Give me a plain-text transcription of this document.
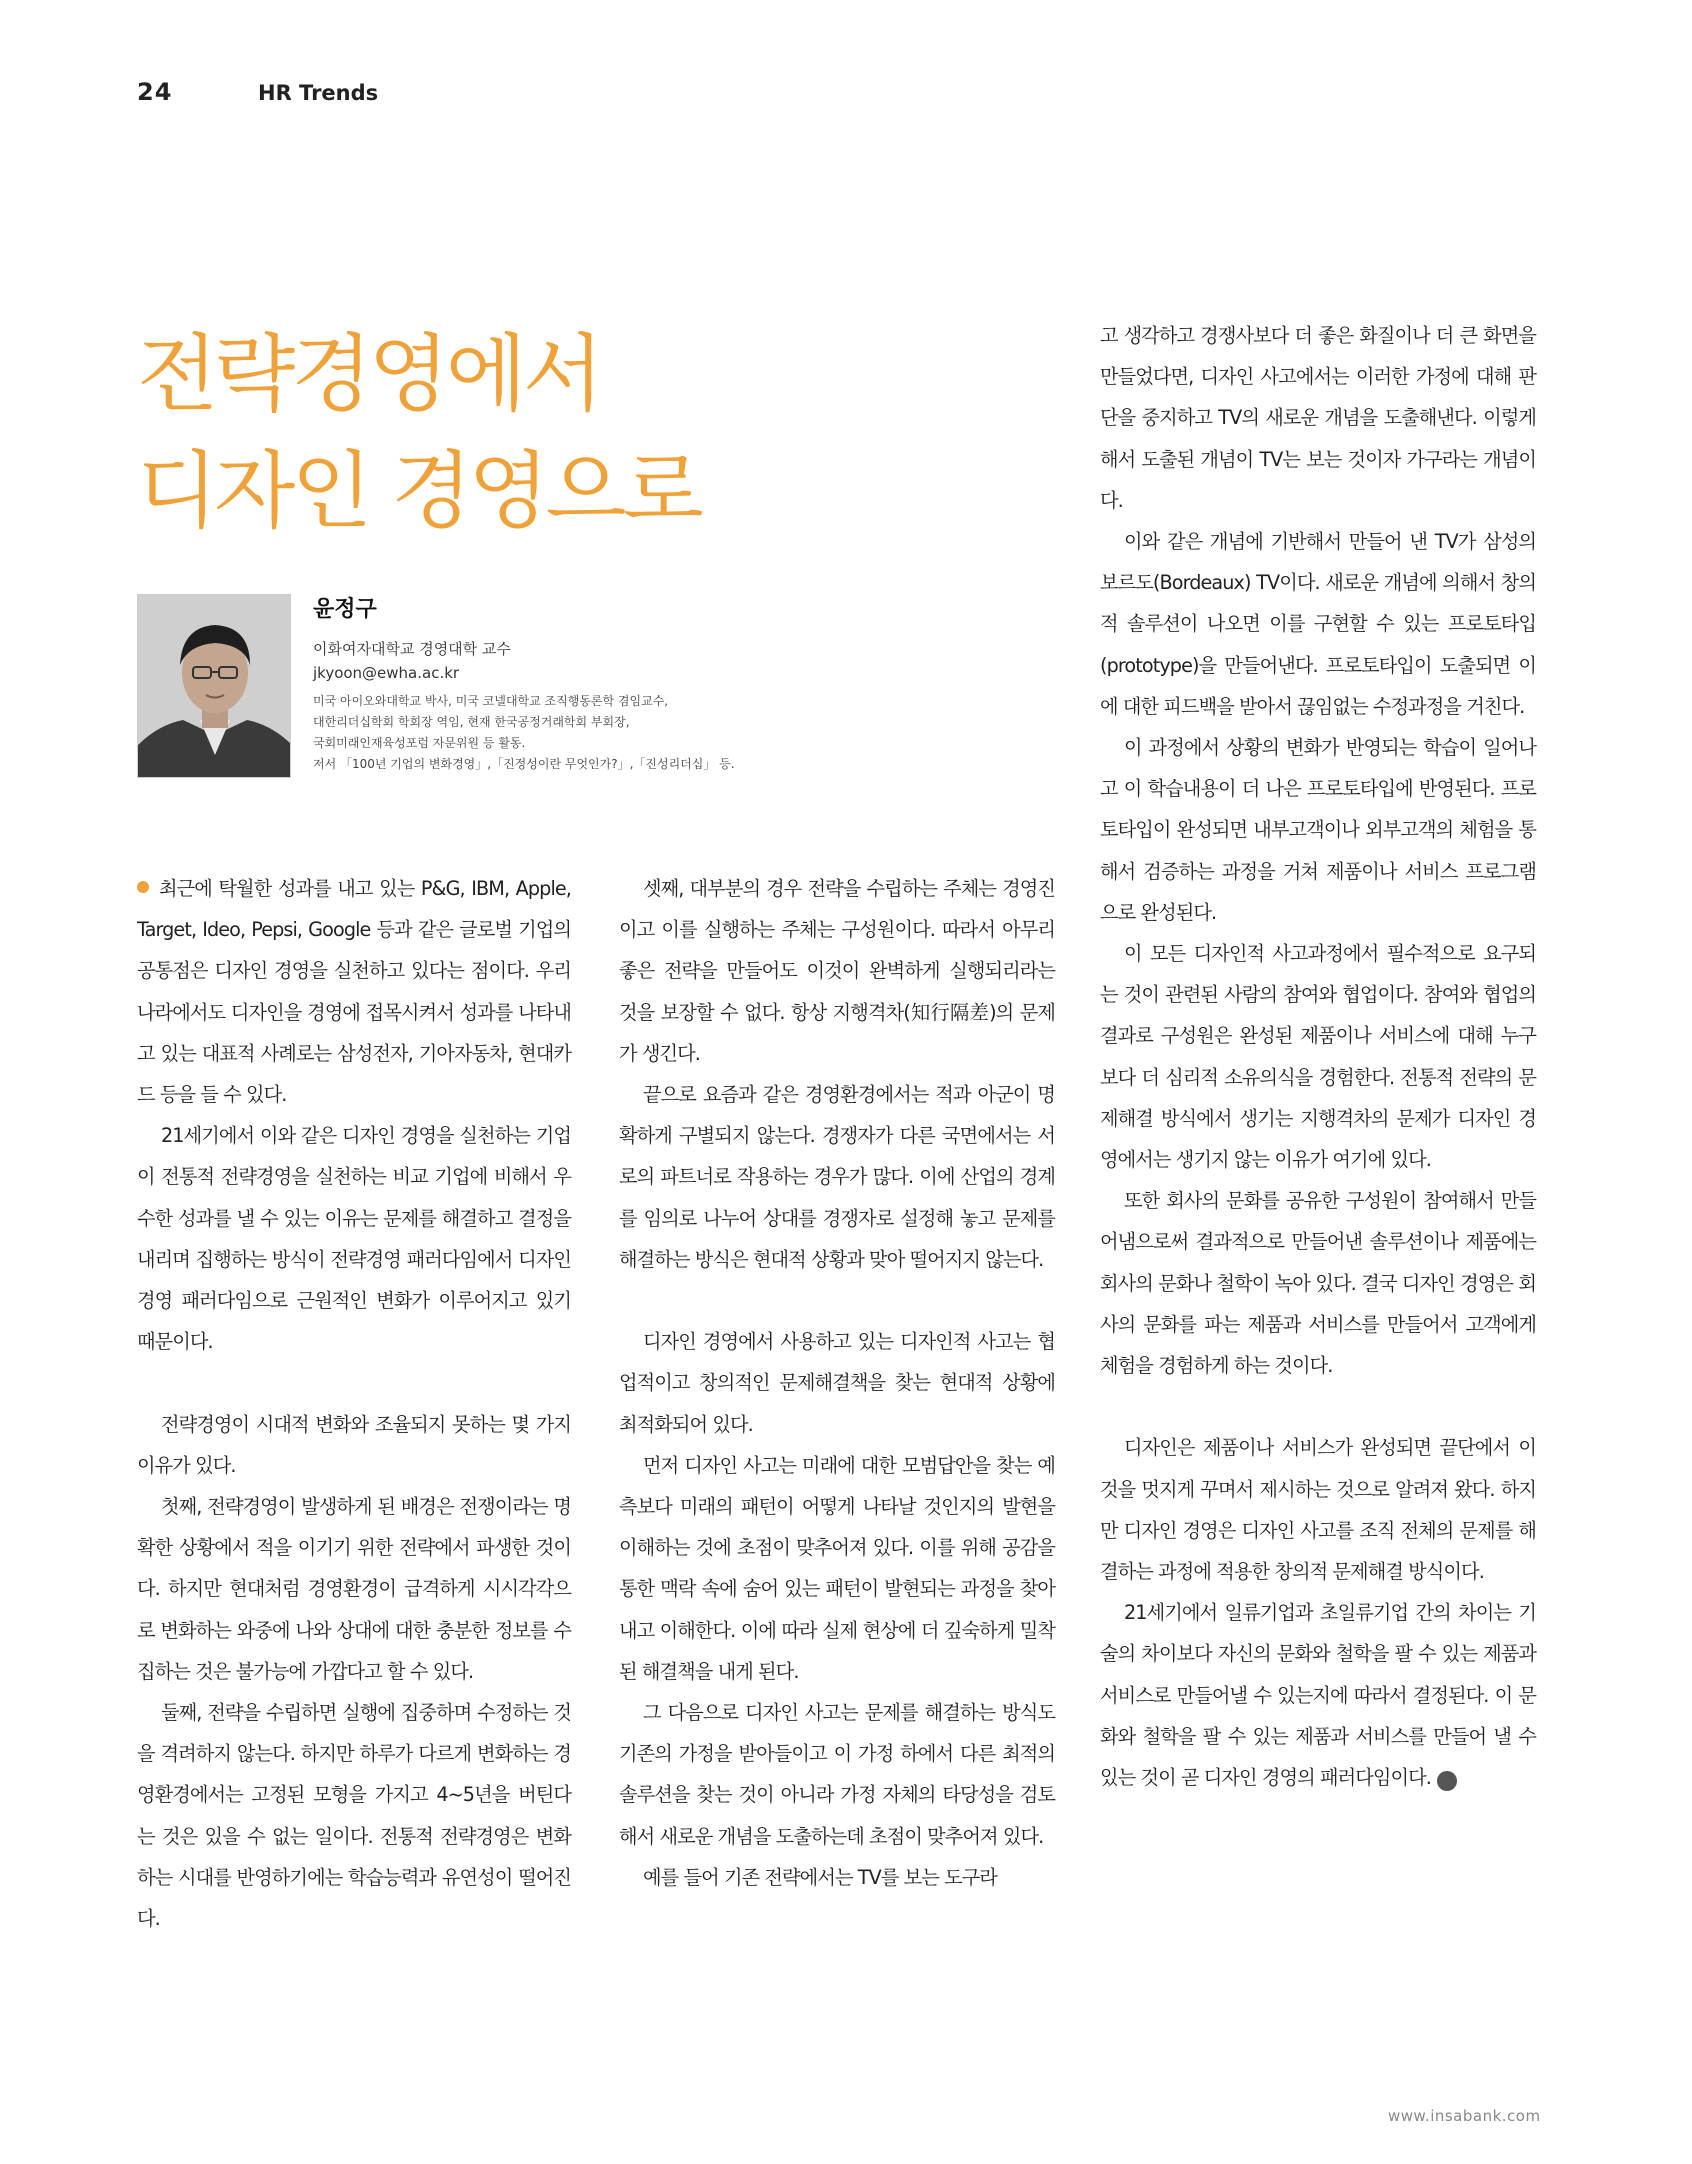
24	HR Trends
전략경영에서
디자인 경영으로
윤정구
이화여자대학교 경영대학 교수
jkyoon@ewha.ac.kr
미국 아이오와대학교 박사, 미국 코넬대학교 조직행동론학 겸임교수,
대한리더십학회 학회장 역임, 현재 한국공정거래학회 부회장,
국회미래인재육성포럼 자문위원 등 활동.
저서 「100년 기업의 변화경영」,「진정성이란 무엇인가?」,「진성리더십」 등.

최근에 탁월한 성과를 내고 있는 P&G, IBM, Apple, Target, Ideo, Pepsi, Google 등과 같은 글로벌 기업의 공통점은 디자인 경영을 실천하고 있다는 점이다. 우리나라에서도 디자인을 경영에 접목시켜서 성과를 나타내고 있는 대표적 사례로는 삼성전자, 기아자동차, 현대카드 등을 들 수 있다.

21세기에서 이와 같은 디자인 경영을 실천하는 기업이 전통적 전략경영을 실천하는 비교 기업에 비해서 우수한 성과를 낼 수 있는 이유는 문제를 해결하고 결정을 내리며 집행하는 방식이 전략경영 패러다임에서 디자인경영 패러다임으로 근원적인 변화가 이루어지고 있기 때문이다.

전략경영이 시대적 변화와 조율되지 못하는 몇 가지 이유가 있다.

첫째, 전략경영이 발생하게 된 배경은 전쟁이라는 명확한 상황에서 적을 이기기 위한 전략에서 파생한 것이다. 하지만 현대처럼 경영환경이 급격하게 시시각각으로 변화하는 와중에 나와 상대에 대한 충분한 정보를 수집하는 것은 불가능에 가깝다고 할 수 있다.

둘째, 전략을 수립하면 실행에 집중하며 수정하는 것을 격려하지 않는다. 하지만 하루가 다르게 변화하는 경영환경에서는 고정된 모형을 가지고 4~5년을 버틴다는 것은 있을 수 없는 일이다. 전통적 전략경영은 변화하는 시대를 반영하기에는 학습능력과 유연성이 떨어진다.

셋째, 대부분의 경우 전략을 수립하는 주체는 경영진이고 이를 실행하는 주체는 구성원이다. 따라서 아무리 좋은 전략을 만들어도 이것이 완벽하게 실행되리라는 것을 보장할 수 없다. 항상 지행격차(知行隔差)의 문제가 생긴다.

끝으로 요즘과 같은 경영환경에서는 적과 아군이 명확하게 구별되지 않는다. 경쟁자가 다른 국면에서는 서로의 파트너로 작용하는 경우가 많다. 이에 산업의 경계를 임의로 나누어 상대를 경쟁자로 설정해 놓고 문제를 해결하는 방식은 현대적 상황과 맞아 떨어지지 않는다.

디자인 경영에서 사용하고 있는 디자인적 사고는 협업적이고 창의적인 문제해결책을 찾는 현대적 상황에 최적화되어 있다.

먼저 디자인 사고는 미래에 대한 모범답안을 찾는 예측보다 미래의 패턴이 어떻게 나타날 것인지의 발현을 이해하는 것에 초점이 맞추어져 있다. 이를 위해 공감을 통한 맥락 속에 숨어 있는 패턴이 발현되는 과정을 찾아내고 이해한다. 이에 따라 실제 현상에 더 깊숙하게 밀착된 해결책을 내게 된다.

그 다음으로 디자인 사고는 문제를 해결하는 방식도 기존의 가정을 받아들이고 이 가정 하에서 다른 최적의 솔루션을 찾는 것이 아니라 가정 자체의 타당성을 검토해서 새로운 개념을 도출하는데 초점이 맞추어져 있다.

예를 들어 기존 전략에서는 TV를 보는 도구라

고 생각하고 경쟁사보다 더 좋은 화질이나 더 큰 화면을 만들었다면, 디자인 사고에서는 이러한 가정에 대해 판단을 중지하고 TV의 새로운 개념을 도출해낸다. 이렇게 해서 도출된 개념이 TV는 보는 것이자 가구라는 개념이다.

이와 같은 개념에 기반해서 만들어 낸 TV가 삼성의 보르도(Bordeaux) TV이다. 새로운 개념에 의해서 창의적 솔루션이 나오면 이를 구현할 수 있는 프로토타입(prototype)을 만들어낸다. 프로토타입이 도출되면 이에 대한 피드백을 받아서 끊임없는 수정과정을 거친다.

이 과정에서 상황의 변화가 반영되는 학습이 일어나고 이 학습내용이 더 나은 프로토타입에 반영된다. 프로토타입이 완성되면 내부고객이나 외부고객의 체험을 통해서 검증하는 과정을 거쳐 제품이나 서비스 프로그램으로 완성된다.

이 모든 디자인적 사고과정에서 필수적으로 요구되는 것이 관련된 사람의 참여와 협업이다. 참여와 협업의 결과로 구성원은 완성된 제품이나 서비스에 대해 누구보다 더 심리적 소유의식을 경험한다. 전통적 전략의 문제해결 방식에서 생기는 지행격차의 문제가 디자인 경영에서는 생기지 않는 이유가 여기에 있다.

또한 회사의 문화를 공유한 구성원이 참여해서 만들어냄으로써 결과적으로 만들어낸 솔루션이나 제품에는 회사의 문화나 철학이 녹아 있다. 결국 디자인 경영은 회사의 문화를 파는 제품과 서비스를 만들어서 고객에게 체험을 경험하게 하는 것이다.

디자인은 제품이나 서비스가 완성되면 끝단에서 이것을 멋지게 꾸며서 제시하는 것으로 알려져 왔다. 하지만 디자인 경영은 디자인 사고를 조직 전체의 문제를 해결하는 과정에 적용한 창의적 문제해결 방식이다.

21세기에서 일류기업과 초일류기업 간의 차이는 기술의 차이보다 자신의 문화와 철학을 팔 수 있는 제품과 서비스로 만들어낼 수 있는지에 따라서 결정된다. 이 문화와 철학을 팔 수 있는 제품과 서비스를 만들어 낼 수 있는 것이 곧 디자인 경영의 패러다임이다. i

www.insabank.com
